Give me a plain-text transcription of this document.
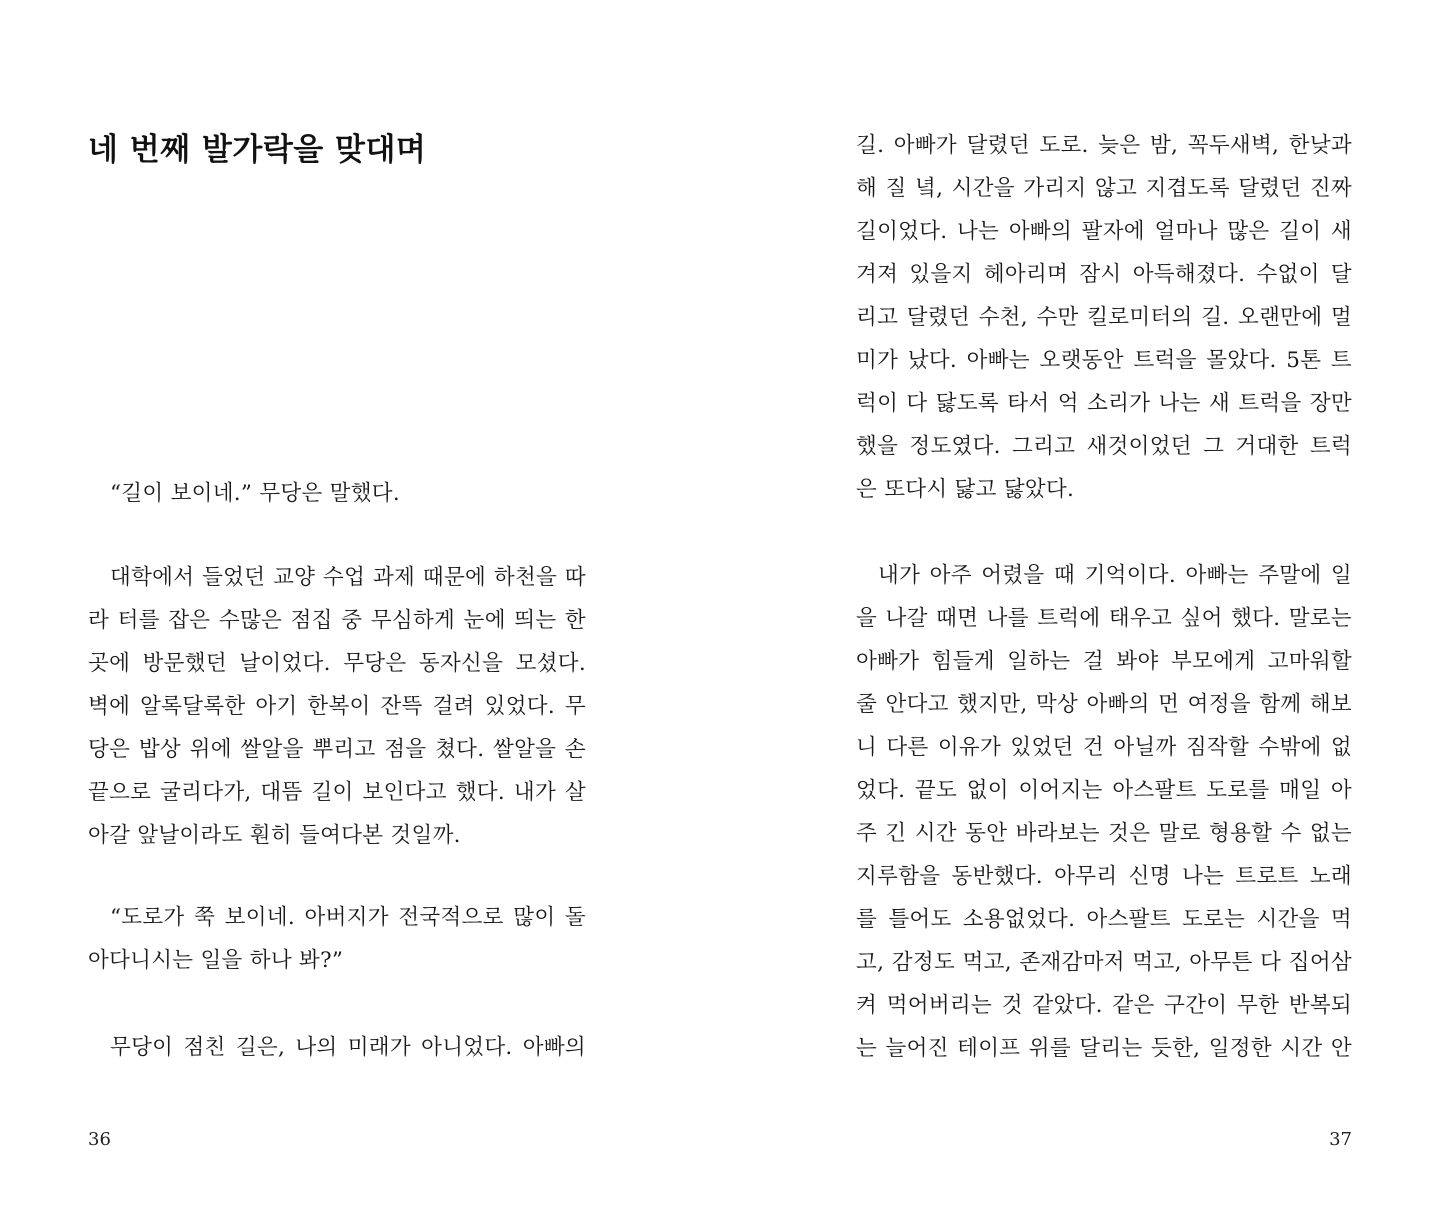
네 번째 발가락을 맞대며
“길이 보이네.” 무당은 말했다.
대학에서 들었던 교양 수업 과제 때문에 하천을 따
라 터를 잡은 수많은 점집 중 무심하게 눈에 띄는 한
곳에 방문했던 날이었다. 무당은 동자신을 모셨다.
벽에 알록달록한 아기 한복이 잔뜩 걸려 있었다. 무
당은 밥상 위에 쌀알을 뿌리고 점을 쳤다. 쌀알을 손
끝으로 굴리다가, 대뜸 길이 보인다고 했다. 내가 살
아갈 앞날이라도 훤히 들여다본 것일까.
“도로가 쭉 보이네. 아버지가 전국적으로 많이 돌
아다니시는 일을 하나 봐?”
무당이 점친 길은, 나의 미래가 아니었다. 아빠의
36
길. 아빠가 달렸던 도로. 늦은 밤, 꼭두새벽, 한낮과
해 질 녘, 시간을 가리지 않고 지겹도록 달렸던 진짜
길이었다. 나는 아빠의 팔자에 얼마나 많은 길이 새
겨져 있을지 헤아리며 잠시 아득해졌다. 수없이 달
리고 달렸던 수천, 수만 킬로미터의 길. 오랜만에 멀
미가 났다. 아빠는 오랫동안 트럭을 몰았다. 5톤 트
럭이 다 닳도록 타서 억 소리가 나는 새 트럭을 장만
했을 정도였다. 그리고 새것이었던 그 거대한 트럭
은 또다시 닳고 닳았다.
내가 아주 어렸을 때 기억이다. 아빠는 주말에 일
을 나갈 때면 나를 트럭에 태우고 싶어 했다. 말로는
아빠가 힘들게 일하는 걸 봐야 부모에게 고마워할
줄 안다고 했지만, 막상 아빠의 먼 여정을 함께 해보
니 다른 이유가 있었던 건 아닐까 짐작할 수밖에 없
었다. 끝도 없이 이어지는 아스팔트 도로를 매일 아
주 긴 시간 동안 바라보는 것은 말로 형용할 수 없는
지루함을 동반했다. 아무리 신명 나는 트로트 노래
를 틀어도 소용없었다. 아스팔트 도로는 시간을 먹
고, 감정도 먹고, 존재감마저 먹고, 아무튼 다 집어삼
켜 먹어버리는 것 같았다. 같은 구간이 무한 반복되
는 늘어진 테이프 위를 달리는 듯한, 일정한 시간 안
37
